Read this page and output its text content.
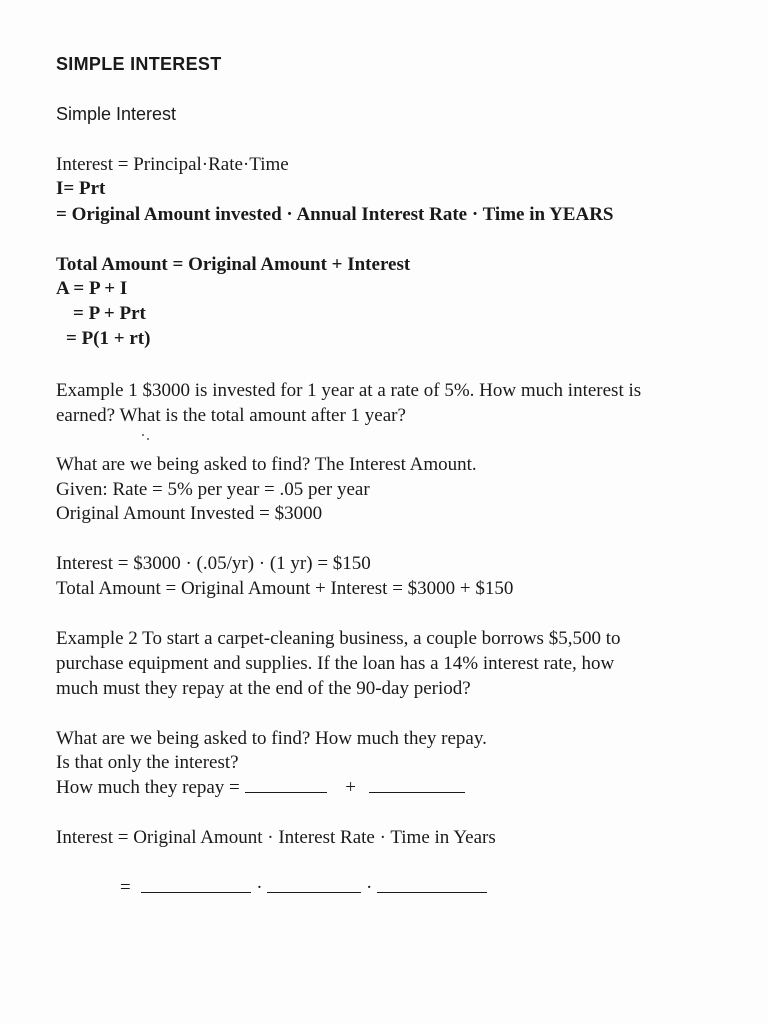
SIMPLE INTEREST
Simple Interest
Interest = Principal·Rate·Time
I= Prt
= Original Amount invested · Annual Interest Rate · Time in YEARS
Total Amount = Original Amount + Interest
A = P + I
= P + Prt
= P(1 + rt)
Example 1 $3000 is invested for 1 year at a rate of 5%. How much interest is
earned? What is the total amount after 1 year?
What are we being asked to find? The Interest Amount.
Given: Rate = 5% per year = .05 per year
Original Amount Invested = $3000
Interest = $3000 · (.05/yr) · (1 yr) = $150
Total Amount = Original Amount + Interest = $3000 + $150
Example 2 To start a carpet-cleaning business, a couple borrows $5,500 to
purchase equipment and supplies. If the loan has a 14% interest rate, how
much must they repay at the end of the 90-day period?
What are we being asked to find? How much they repay.
Is that only the interest?
How much they repay =	+
Interest = Original Amount · Interest Rate · Time in Years
=	·	·
